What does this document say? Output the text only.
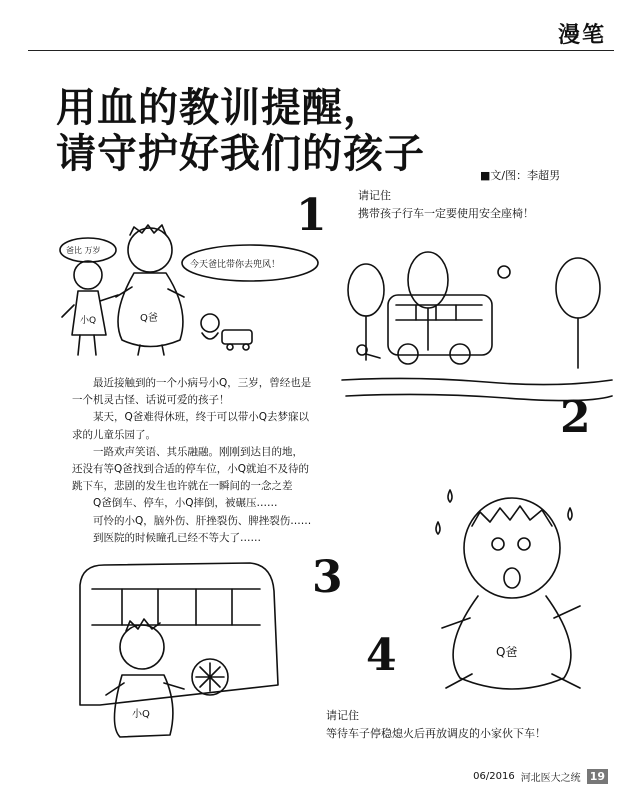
漫笔
用血的教训提醒，
请守护好我们的孩子	■文/图：李超男
小Q
爸比 万岁
Q爸
今天爸比带你去兜风！
1	请记住
携带孩子行车一定要使用安全座椅！
2

最近接触到的一个小病号小Q，三岁，曾经也是一个机灵古怪、话说可爱的孩子！

某天，Q爸难得休班，终于可以带小Q去梦寐以求的儿童乐园了。

一路欢声笑语、其乐融融。刚刚到达目的地，还没有等Q爸找到合适的停车位，小Q就迫不及待的跳下车，悲剧的发生也许就在一瞬间的一念之差

Q爸倒车、停车，小Q摔倒，被碾压……

可怜的小Q，脑外伤、肝挫裂伤、脾挫裂伤……

到医院的时候瞳孔已经不等大了……

小Q
3
Q爸
4
请记住
等待车子停稳熄火后再放调皮的小家伙下车！
06/2016 河北医大之统 19
